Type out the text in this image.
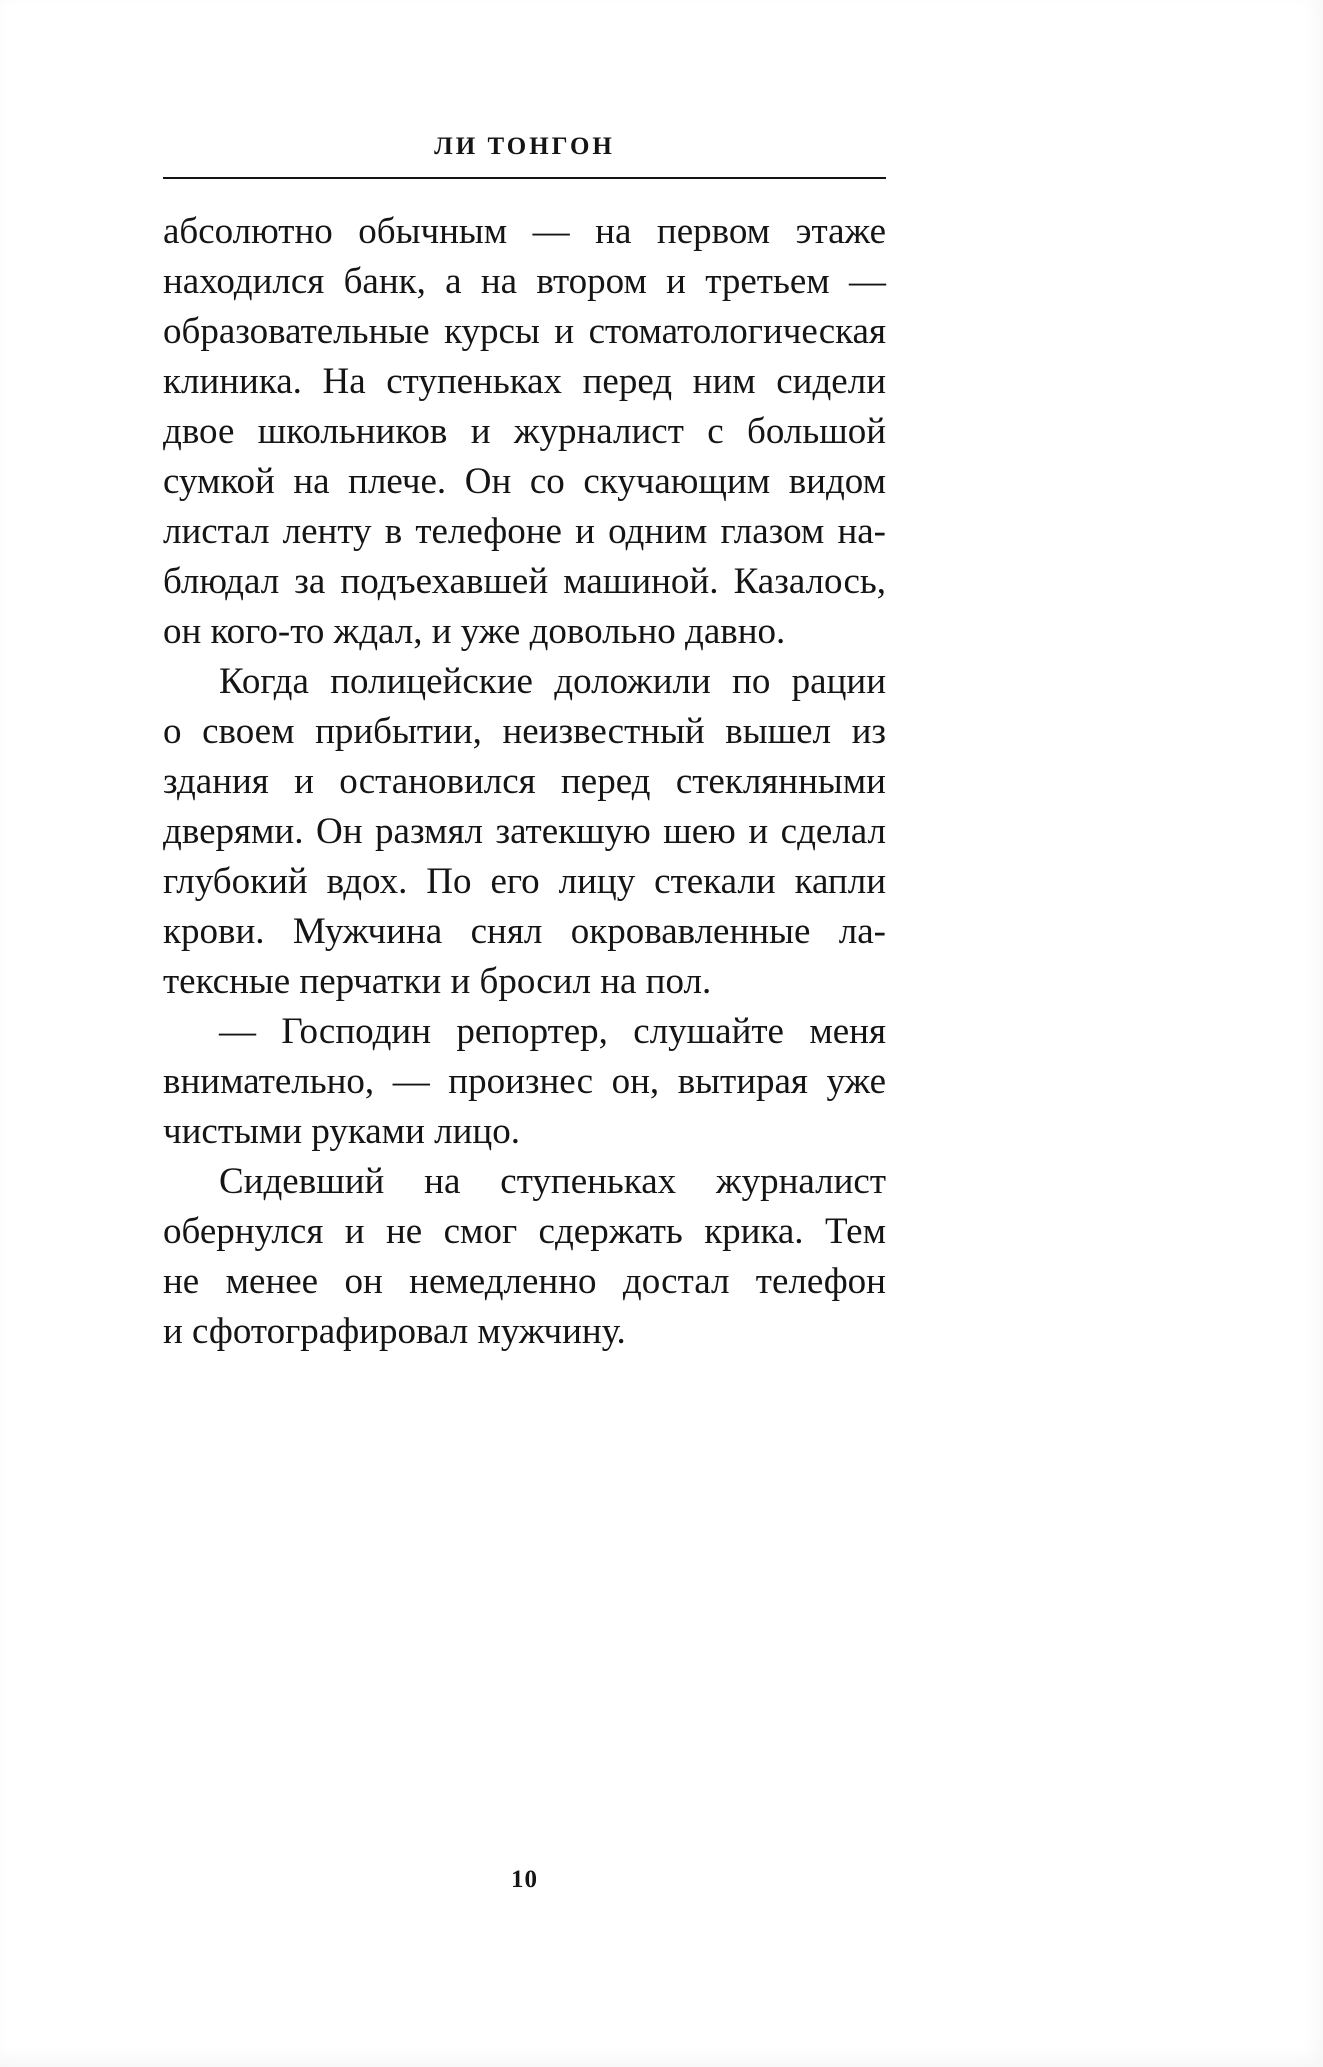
ЛИ ТОНГОН
абсолютно обычным — на первом этаже
находился банк, а на втором и третьем —
образовательные курсы и стоматологическая
клиника. На ступеньках перед ним сидели
двое школьников и журналист с большой
сумкой на плече. Он со скучающим видом
листал ленту в телефоне и одним глазом на-
блюдал за подъехавшей машиной. Казалось,
он кого-то ждал, и уже довольно давно.
Когда полицейские доложили по рации
о своем прибытии, неизвестный вышел из
здания и остановился перед стеклянными
дверями. Он размял затекшую шею и сделал
глубокий вдох. По его лицу стекали капли
крови. Мужчина снял окровавленные ла-
тексные перчатки и бросил на пол.
— Господин репортер, слушайте меня
внимательно, — произнес он, вытирая уже
чистыми руками лицо.
Сидевший на ступеньках журналист
обернулся и не смог сдержать крика. Тем
не менее он немедленно достал телефон
и сфотографировал мужчину.
10
